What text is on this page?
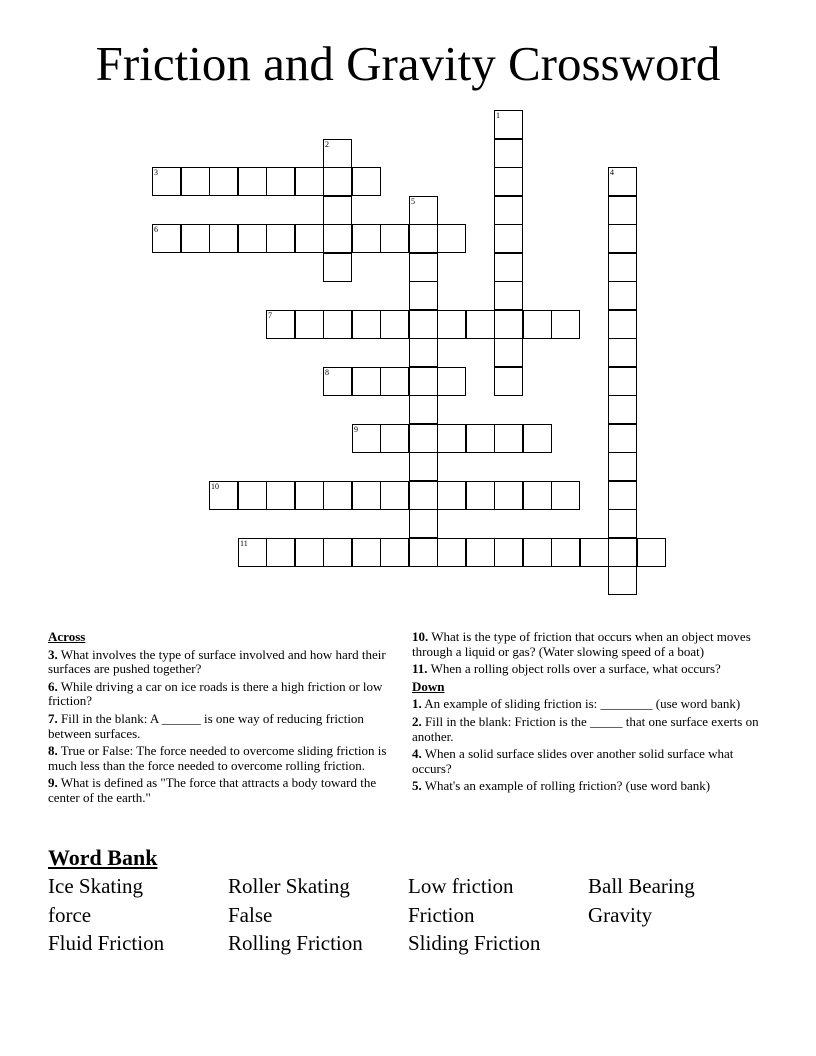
Friction and Gravity Crossword
1
2
3	4
5
6
7
8
9
10
11
Across
3. What involves the type of surface involved and how hard their surfaces are pushed together?
6. While driving a car on ice roads is there a high friction or low friction?
7. Fill in the blank: A ______ is one way of reducing friction between surfaces.
8. True or False: The force needed to overcome sliding friction is much less than the force needed to overcome rolling friction.
9. What is defined as "The force that attracts a body toward the center of the earth."
10. What is the type of friction that occurs when an object moves through a liquid or gas? (Water slowing speed of a boat)
11. When a rolling object rolls over a surface, what occurs?
Down
1. An example of sliding friction is: ________ (use word bank)
2. Fill in the blank: Friction is the _____ that one surface exerts on another.
4. When a solid surface slides over another solid surface what occurs?
5. What's an example of rolling friction? (use word bank)
Word Bank
Ice Skating	Roller Skating	Low friction	Ball Bearing
force	False	Friction	Gravity
Fluid Friction	Rolling Friction	Sliding Friction
